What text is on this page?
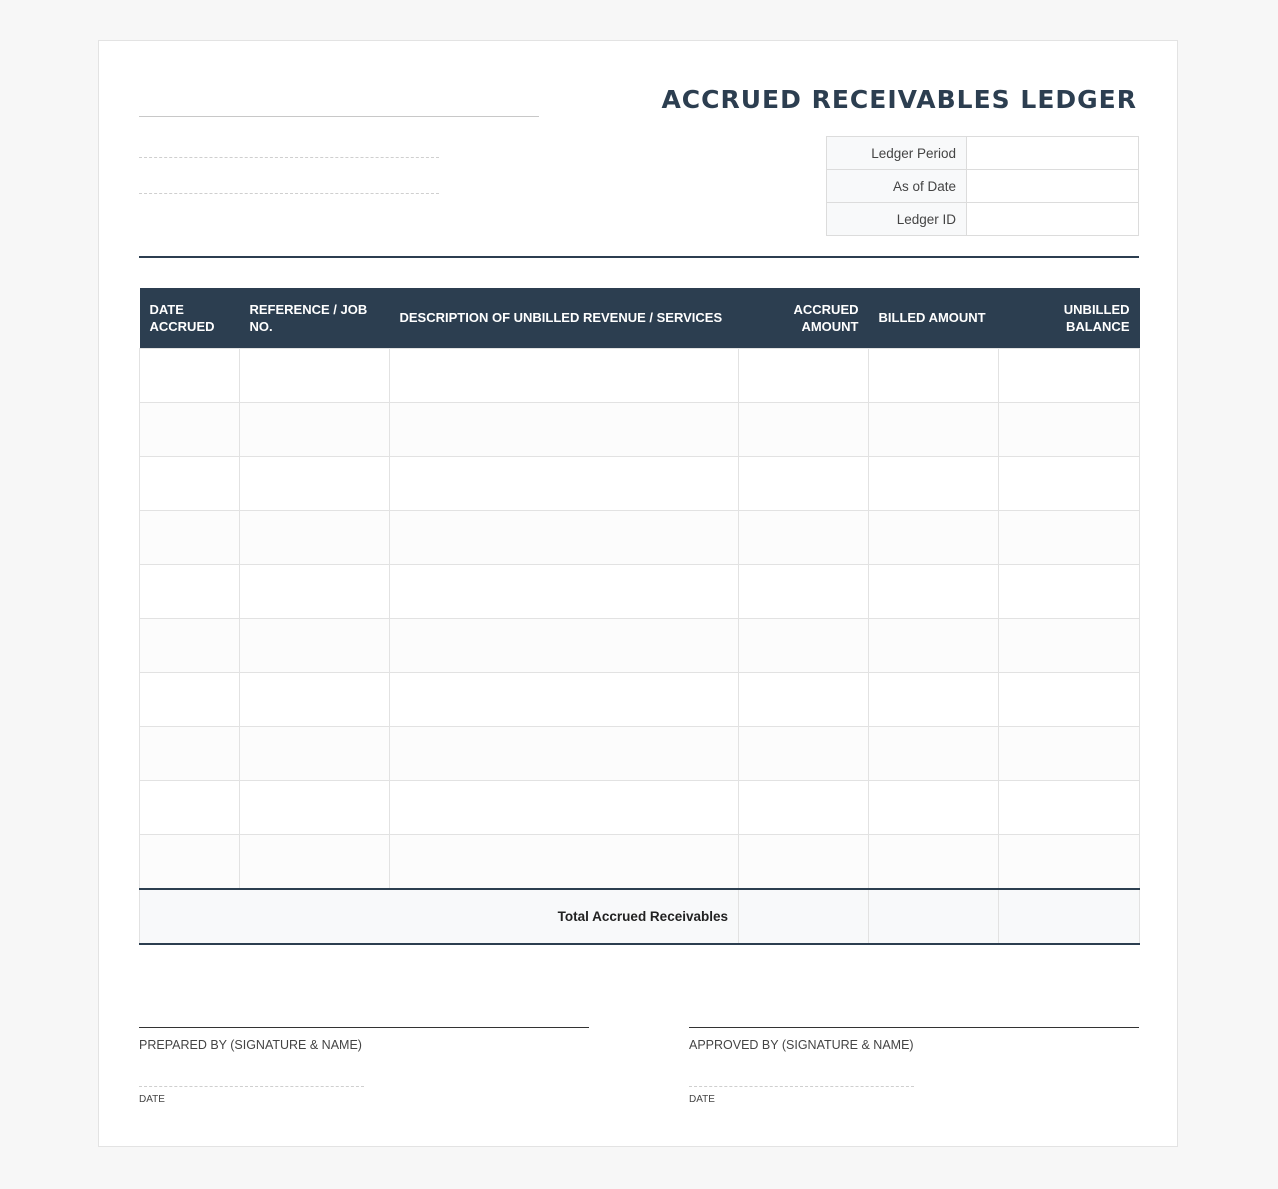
ACCRUED RECEIVABLES LEDGER
Ledger Period	
As of Date	
Ledger ID	
DATE ACCRUED	REFERENCE / JOB NO.	DESCRIPTION OF UNBILLED REVENUE / SERVICES	ACCRUED AMOUNT	BILLED AMOUNT	UNBILLED BALANCE

Total Accrued Receivables					
PREPARED BY (SIGNATURE & NAME)
DATE
APPROVED BY (SIGNATURE & NAME)
DATE
